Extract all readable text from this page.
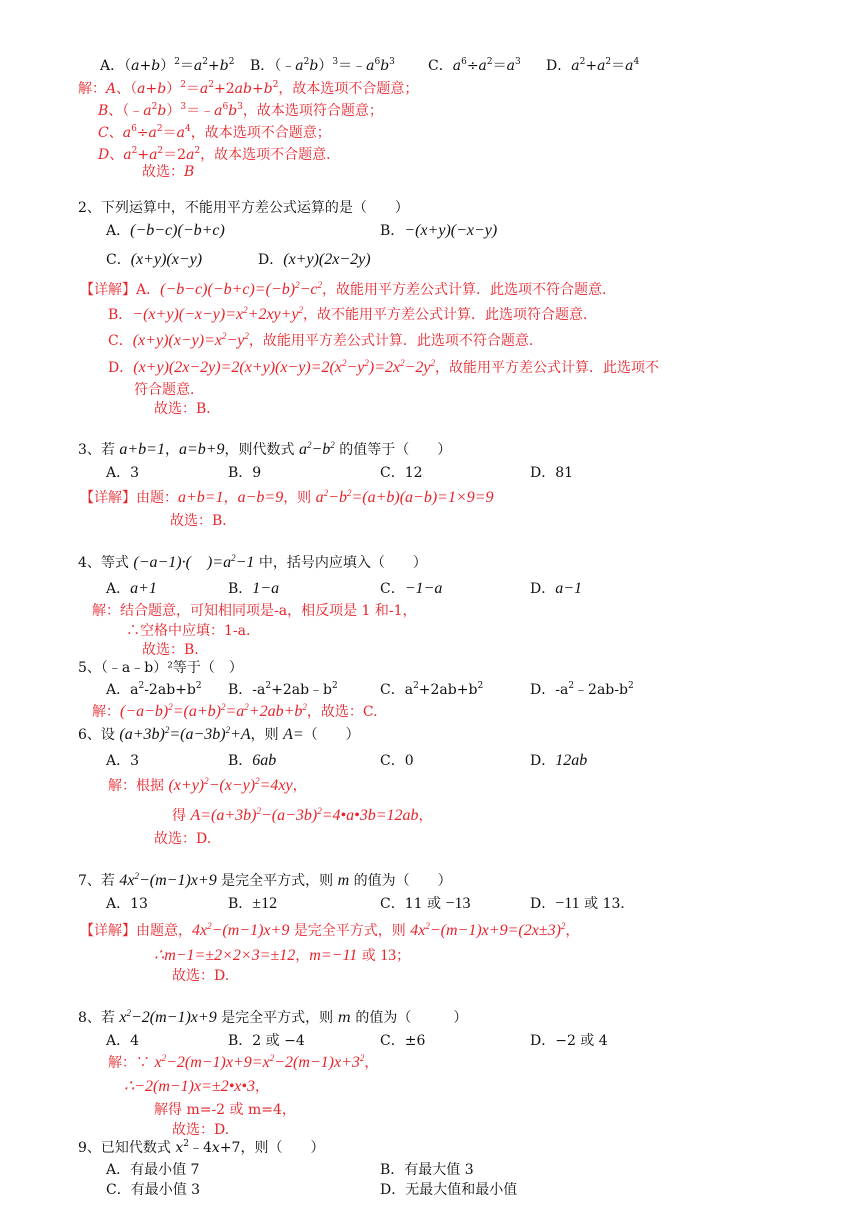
A．$(a+b)^2=a^2+b^2$ B．$(﹣a^2b)^3=﹣a^6b^3$ C．$a^6\div a^2=a^3$ D．$a^2+a^2=a^4$
解：A、$(a+b)^2=a^2+2ab+b^2$，故本选项不合题意；
B、$(﹣a^2b)^3=﹣a^6b^3$，故本选项符合题意；
C、$a^6\div a^2=a^4$，故本选项不合题意；
D、$a^2+a^2=2a^2$，故本选项不合题意．
故选：B
2、下列运算中，不能用平方差公式运算的是（　　）
A．(−b−c)(−b+c)	B．−(x+y)(−x−y)
C．(x+y)(x−y)	D．(x+y)(2x−2y)
【详解】A．$(-b-c)(-b+c)=(-b)^2-c^2$，故能用平方差公式计算．此选项不符合题意．
B．$-(x+y)(-x-y)=x^2+2xy+y^2$，故不能用平方差公式计算．此选项符合题意．
C．$(x+y)(x-y)=x^2-y^2$，故能用平方差公式计算．此选项不符合题意．
D．$(x+y)(2x-2y)=2(x+y)(x-y)=2(x^2-y^2)=2x^2-2y^2$，故能用平方差公式计算．此选项不
符合题意．
故选：B．
3、若 a+b=1，a=b+9，则代数式 $a^2-b^2$ 的值等于（　　）
A．3	B．9	C．12	D．81
【详解】由题：a+b=1，a−b=9，则 $a^2-b^2=(a+b)(a-b)=1\times 9=9$
故选：B．
4、等式 (−a−1)·(　)$=a^2-1$ 中，括号内应填入（　　）
A．a+1	B．1−a	C．−1−a	D．a−1
解：结合题意，可知相同项是-a，相反项是 1 和-1，
∴空格中应填：1-a.
故选：B.
5、（﹣a﹣b）²等于（　）
A．$a^2-2ab+b^2$ B．$-a^2+2ab﹣b^2$	C．$a^2+2ab+b^2$	D．$-a^2﹣2ab-b^2$
解：$(-a-b)^2=(a+b)^2=a^2+2ab+b^2$，故选：C.
6、设 $(a+3b)^2=(a-3b)^2+A$，则 A=（　　）
A．3	B．6ab	C．0	D．12ab
解：根据 $(x+y)^2-(x-y)^2=4xy$，
得 $A=(a+3b)^2-(a-3b)^2=4•a•3b=12ab$，
故选：D.
7、若 $4x^2-(m-1)x+9$ 是完全平方式，则 m 的值为（　　）
A．13	B．±12	C．11 或 −13	D．−11 或 13．
【详解】由题意，$4x^2-(m-1)x+9$ 是完全平方式，则 $4x^2-(m-1)x+9=(2x\pm 3)^2$，
∴m−1=±2×2×3=±12，m=−11 或 13；
故选：D.
8、若 $x^2-2(m-1)x+9$ 是完全平方式，则 m 的值为（　　　）
A．4	B．2 或 −4	C．±6	D．−2 或 4
解：∵ $x^2-2(m-1)x+9=x^2-2(m-1)x+3^2$，
∴−2(m−1)x=±2•x•3，
解得 m=-2 或 m=4，
故选：D.
9、已知代数式 $x^2﹣4x+7$，则（　　）
A．有最小值 7	B．有最大值 3
C．有最小值 3	D．无最大值和最小值
